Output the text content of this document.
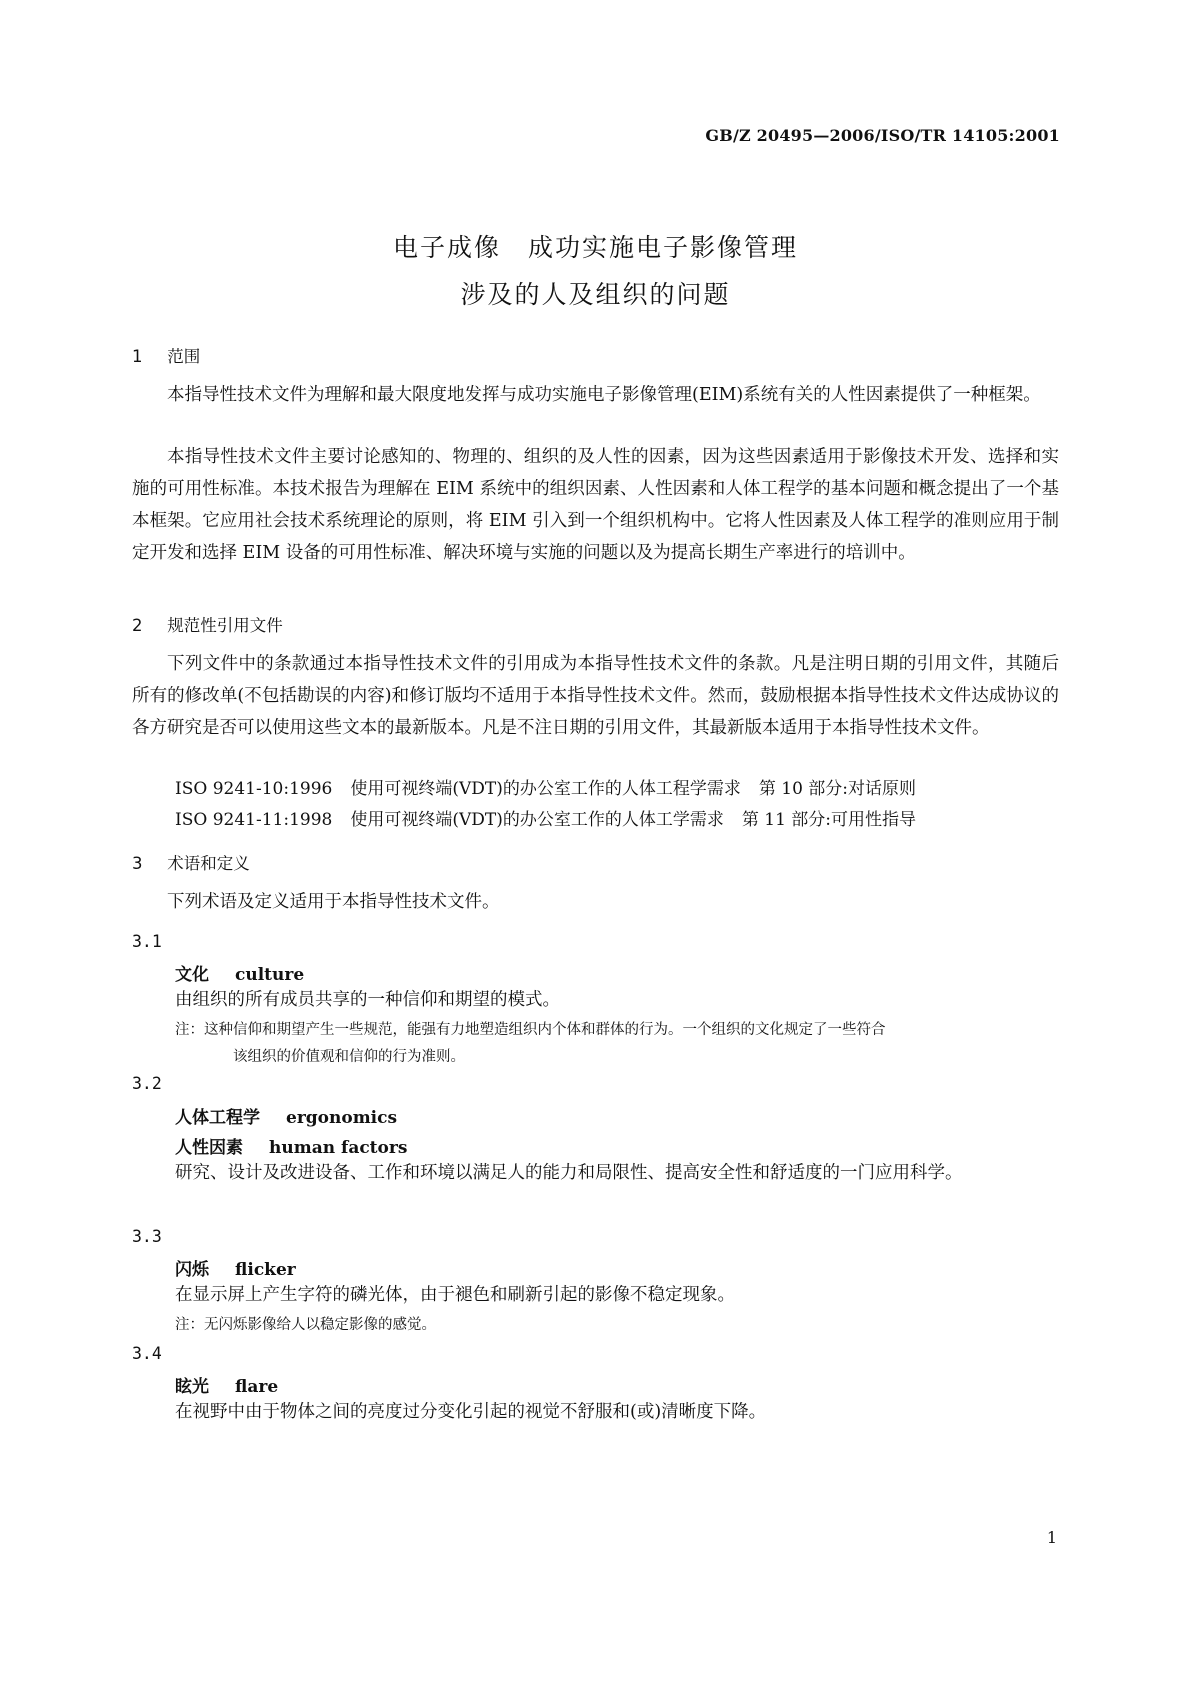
GB/Z 20495—2006/ISO/TR 14105:2001
电子成像　成功实施电子影像管理
涉及的人及组织的问题
1 范围

本指导性技术文件为理解和最大限度地发挥与成功实施电子影像管理(EIM)系统有关的人性因素提供了一种框架。

本指导性技术文件主要讨论感知的、物理的、组织的及人性的因素，因为这些因素适用于影像技术开发、选择和实施的可用性标准。本技术报告为理解在 EIM 系统中的组织因素、人性因素和人体工程学的基本问题和概念提出了一个基本框架。它应用社会技术系统理论的原则，将 EIM 引入到一个组织机构中。它将人性因素及人体工程学的准则应用于制定开发和选择 EIM 设备的可用性标准、解决环境与实施的问题以及为提高长期生产率进行的培训中。

2 规范性引用文件

下列文件中的条款通过本指导性技术文件的引用成为本指导性技术文件的条款。凡是注明日期的引用文件，其随后所有的修改单(不包括勘误的内容)和修订版均不适用于本指导性技术文件。然而，鼓励根据本指导性技术文件达成协议的各方研究是否可以使用这些文本的最新版本。凡是不注日期的引用文件，其最新版本适用于本指导性技术文件。

ISO 9241-10:1996 使用可视终端(VDT)的办公室工作的人体工程学需求 第 10 部分:对话原则

ISO 9241-11:1998 使用可视终端(VDT)的办公室工作的人体工学需求 第 11 部分:可用性指导

3 术语和定义

下列术语及定义适用于本指导性技术文件。

3.1
文化 culture

由组织的所有成员共享的一种信仰和期望的模式。

注：这种信仰和期望产生一些规范，能强有力地塑造组织内个体和群体的行为。一个组织的文化规定了一些符合
该组织的价值观和信仰的行为准则。

3.2
人体工程学 ergonomics
人性因素 human factors

研究、设计及改进设备、工作和环境以满足人的能力和局限性、提高安全性和舒适度的一门应用科学。

3.3
闪烁 flicker

在显示屏上产生字符的磷光体，由于褪色和刷新引起的影像不稳定现象。

注：无闪烁影像给人以稳定影像的感觉。

3.4
眩光 flare

在视野中由于物体之间的亮度过分变化引起的视觉不舒服和(或)清晰度下降。

1
